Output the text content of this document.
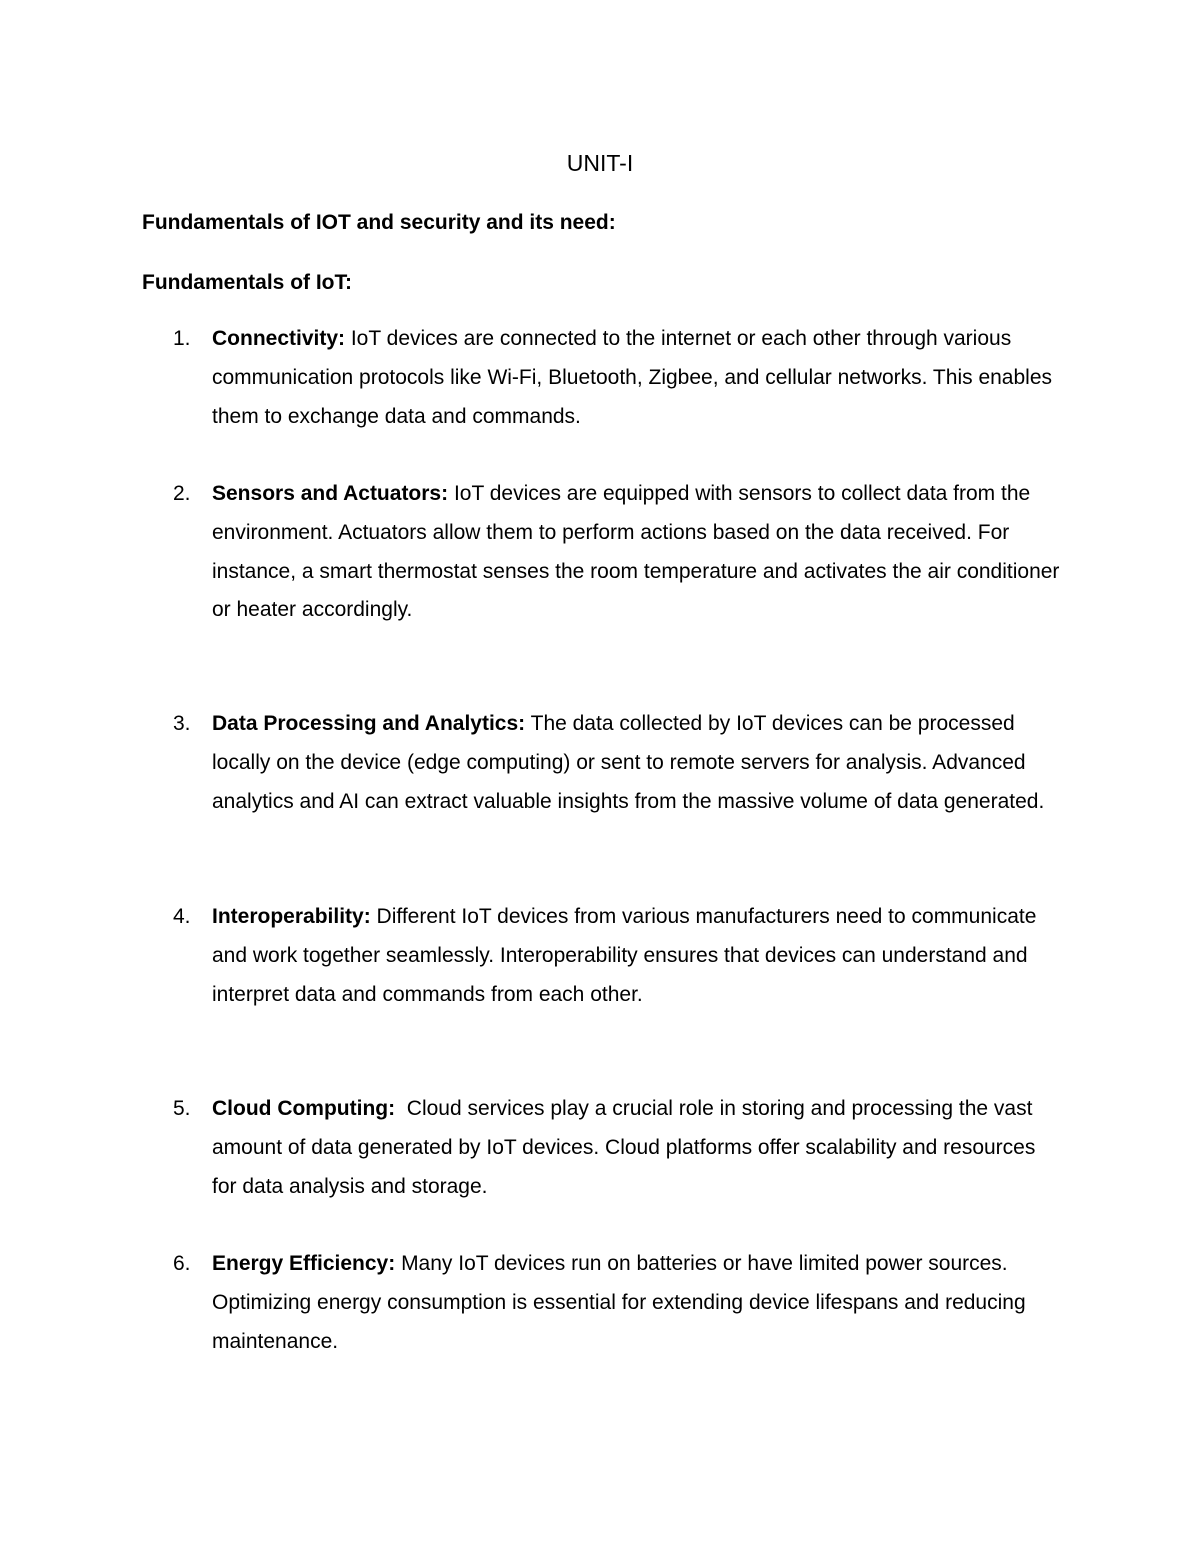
UNIT-I
Fundamentals of IOT and security and its need:
Fundamentals of IoT:
1.	Connectivity: IoT devices are connected to the internet or each other through various communication protocols like Wi-Fi, Bluetooth, Zigbee, and cellular networks. This enables them to exchange data and commands.
2.	Sensors and Actuators: IoT devices are equipped with sensors to collect data from the environment. Actuators allow them to perform actions based on the data received. For instance, a smart thermostat senses the room temperature and activates the air conditioner or heater accordingly.
3.	Data Processing and Analytics: The data collected by IoT devices can be processed locally on the device (edge computing) or sent to remote servers for analysis. Advanced analytics and AI can extract valuable insights from the massive volume of data generated.
4.	Interoperability: Different IoT devices from various manufacturers need to communicate and work together seamlessly. Interoperability ensures that devices can understand and interpret data and commands from each other.
5.	Cloud Computing:  Cloud services play a crucial role in storing and processing the vast amount of data generated by IoT devices. Cloud platforms offer scalability and resources for data analysis and storage.
6.	Energy Efficiency: Many IoT devices run on batteries or have limited power sources. Optimizing energy consumption is essential for extending device lifespans and reducing maintenance.
